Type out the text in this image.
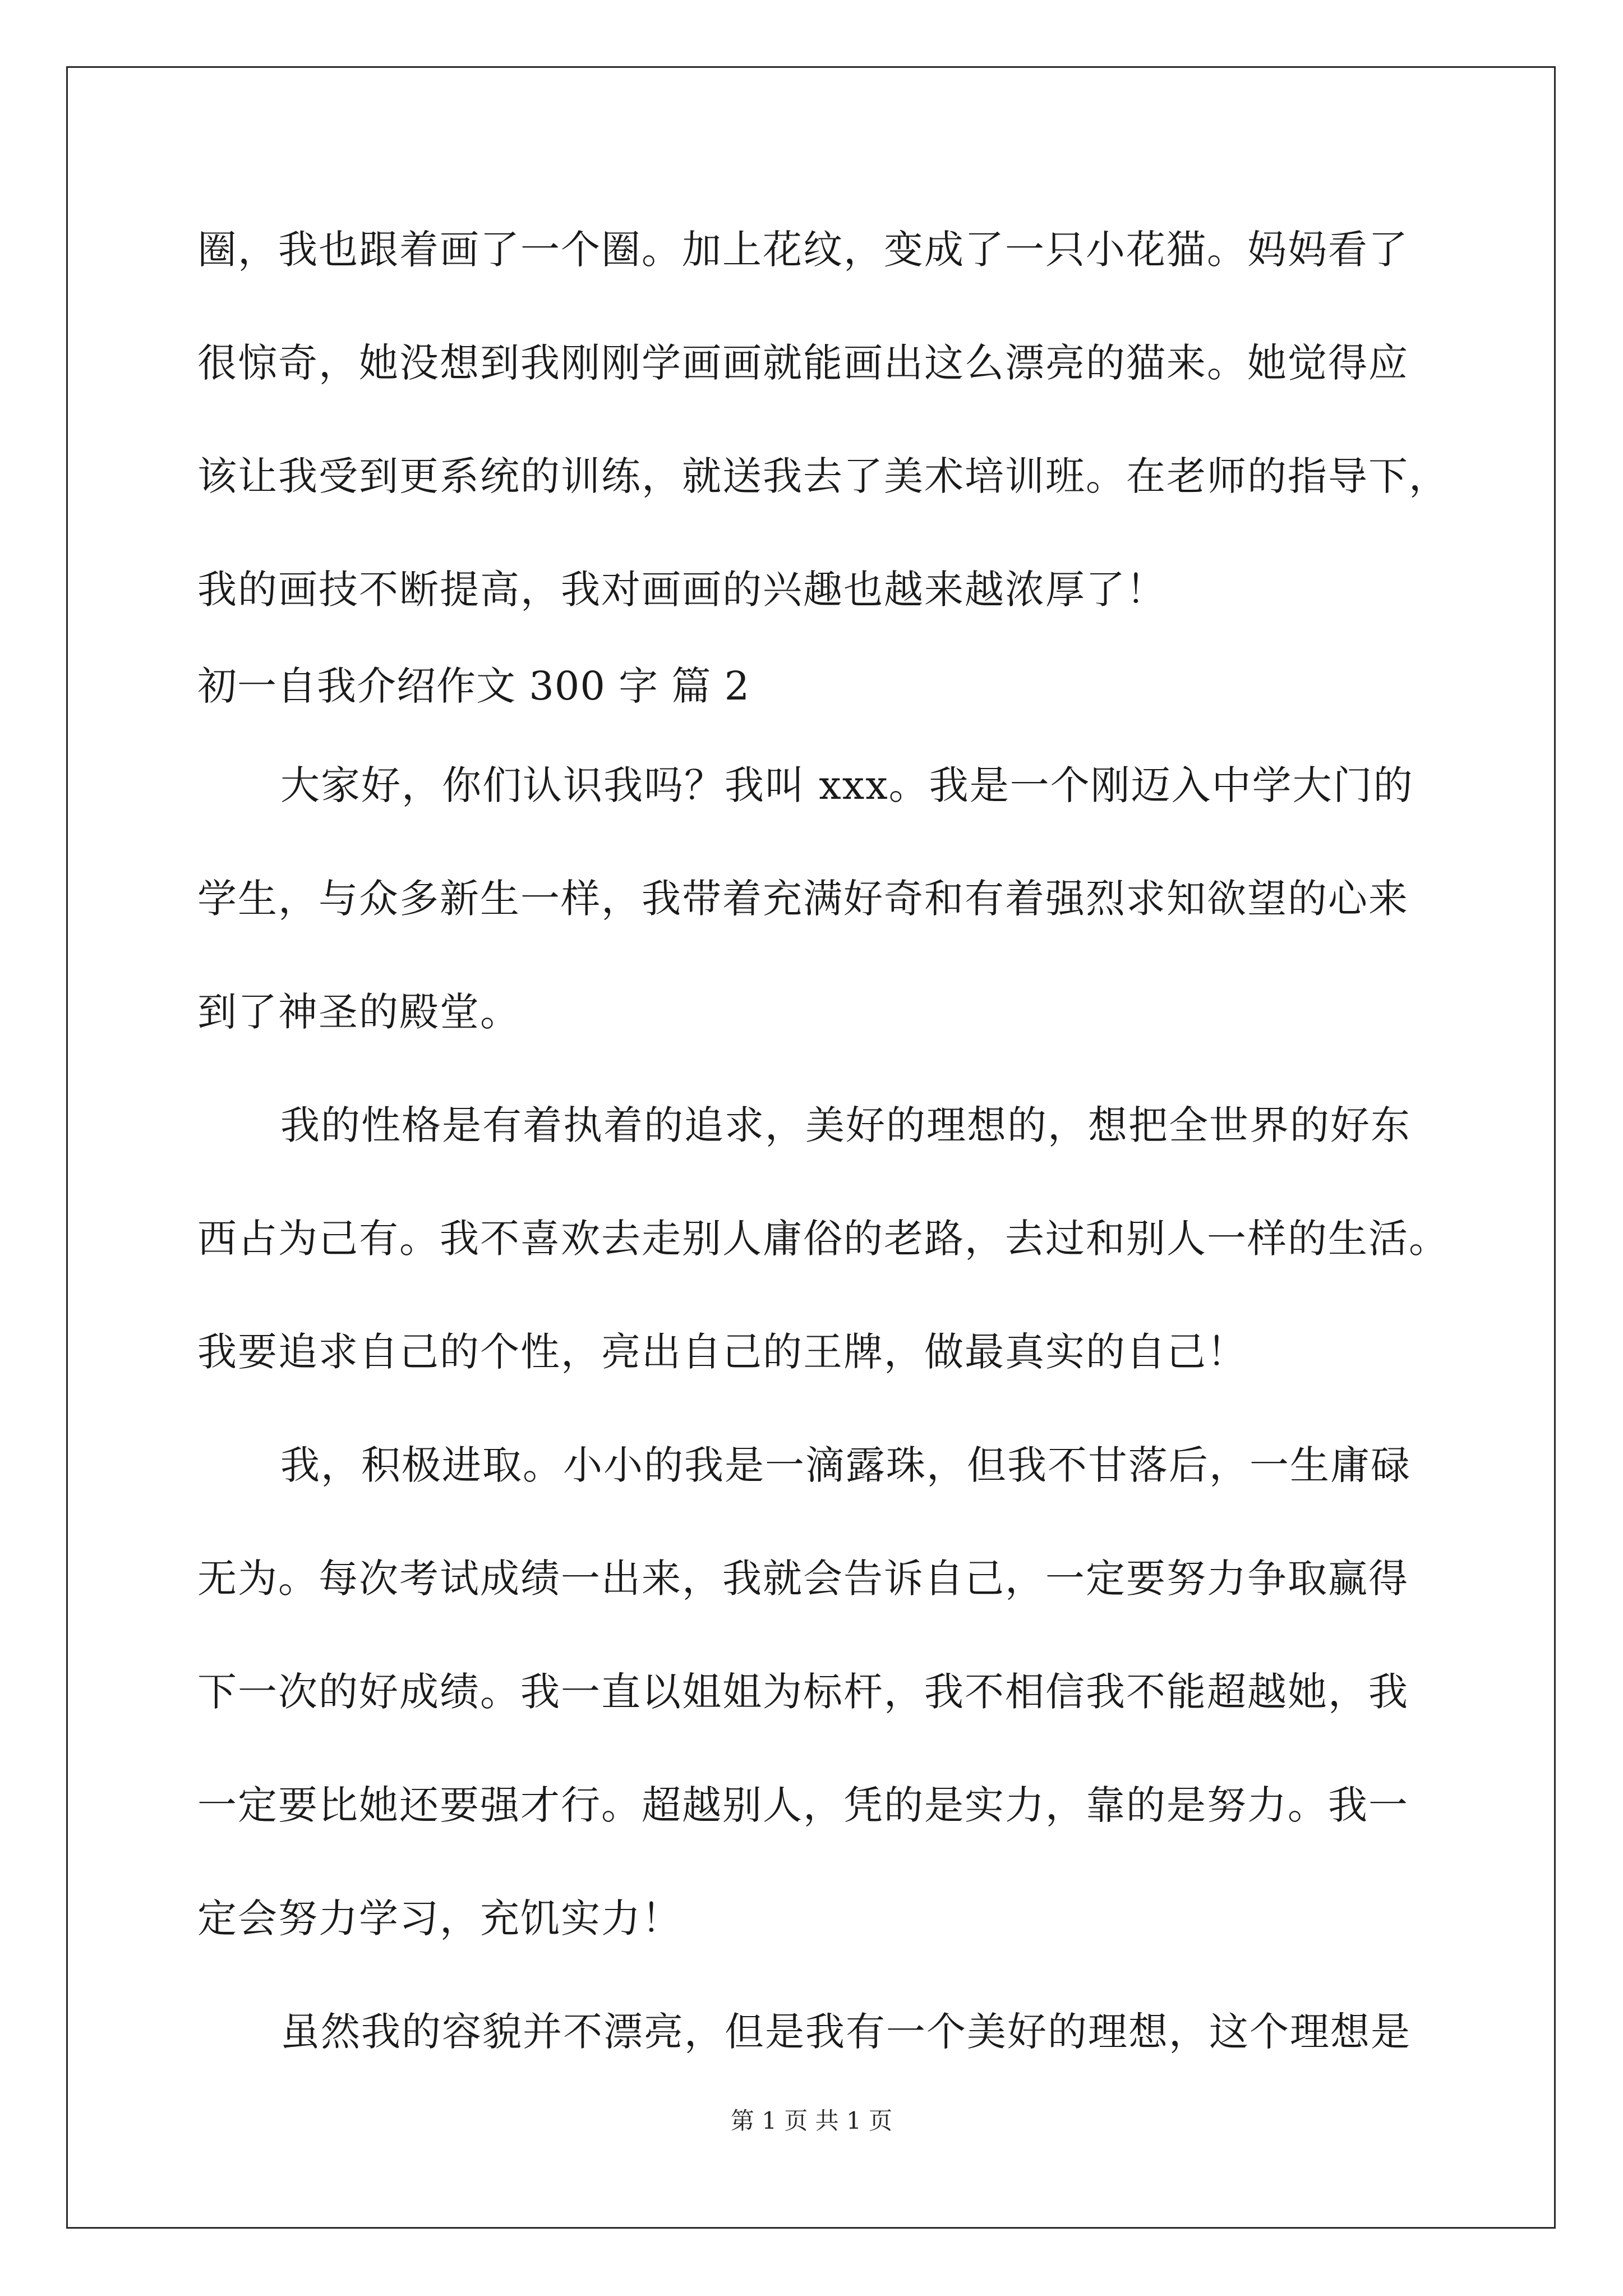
圈，我也跟着画了一个圈。加上花纹，变成了一只小花猫。妈妈看了
很惊奇，她没想到我刚刚学画画就能画出这么漂亮的猫来。她觉得应
该让我受到更系统的训练，就送我去了美术培训班。在老师的指导下，
我的画技不断提高，我对画画的兴趣也越来越浓厚了！
初一自我介绍作文 300 字 篇 2
大家好，你们认识我吗？我叫 xxx。我是一个刚迈入中学大门的
学生，与众多新生一样，我带着充满好奇和有着强烈求知欲望的心来
到了神圣的殿堂。
我的性格是有着执着的追求，美好的理想的，想把全世界的好东
西占为己有。我不喜欢去走别人庸俗的老路，去过和别人一样的生活。
我要追求自己的个性，亮出自己的王牌，做最真实的自己！
我，积极进取。小小的我是一滴露珠，但我不甘落后，一生庸碌
无为。每次考试成绩一出来，我就会告诉自己，一定要努力争取赢得
下一次的好成绩。我一直以姐姐为标杆，我不相信我不能超越她，我
一定要比她还要强才行。超越别人，凭的是实力，靠的是努力。我一
定会努力学习，充饥实力！
虽然我的容貌并不漂亮，但是我有一个美好的理想，这个理想是
第 1 页 共 1 页
